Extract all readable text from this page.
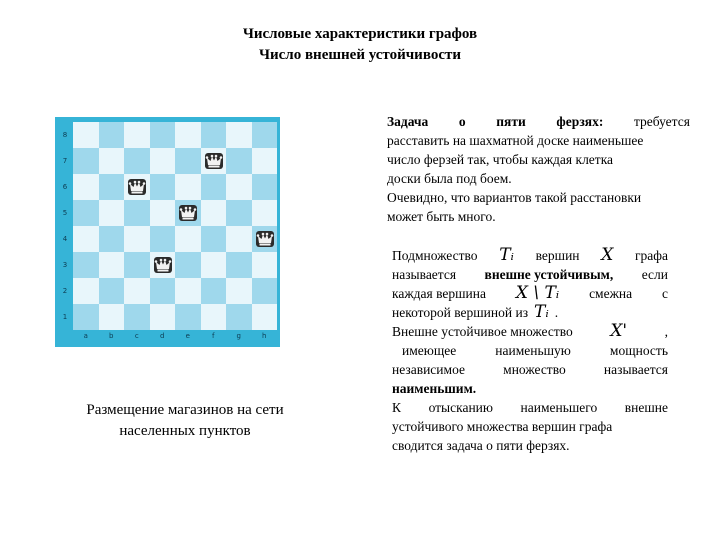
Числовые характеристики графов
Число внешней устойчивости
8
7
6
5
4
3
2
1
a	b	c	d	e	f	g	h
Размещение магазинов на сети
населенных пунктов
Задача о пяти ферзях: требуется
расставить на шахматной доске наименьшее
число ферзей так, чтобы каждая клетка
доски была под боем.
Очевидно, что вариантов такой расстановки
может быть много.
Подмножество Tᵢ вершин X графа
называется внешне устойчивым, если
каждая вершина X \ Tᵢ смежна с
некоторой вершиной из Tᵢ .
Внешне устойчивое множество X'	,
имеющее	наименьшую	мощность
независимое	множество	называется
наименьшим.
К отысканию наименьшего внешне
устойчивого множества вершин графа
сводится задача о пяти ферзях.
